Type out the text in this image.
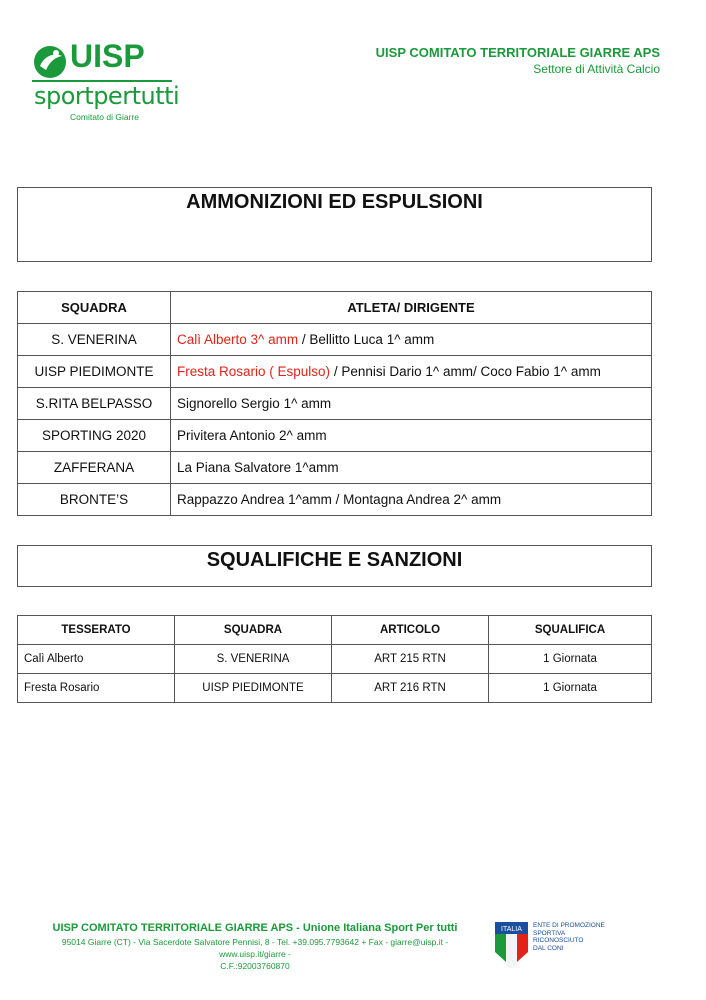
UISP
sportpertutti
Comitato di Giarre
UISP COMITATO TERRITORIALE GIARRE APS
Settore di Attività Calcio
AMMONIZIONI ED ESPULSIONI
SQUADRA	ATLETA/ DIRIGENTE
S. VENERINA	Calì Alberto 3^ amm / Bellitto Luca 1^ amm
UISP PIEDIMONTE	Fresta Rosario ( Espulso) / Pennisi Dario 1^ amm/ Coco Fabio 1^ amm
S.RITA BELPASSO	Signorello Sergio 1^ amm
SPORTING 2020	Privitera Antonio 2^ amm
ZAFFERANA	La Piana Salvatore 1^amm
BRONTE’S	Rappazzo Andrea 1^amm / Montagna Andrea 2^ amm
SQUALIFICHE E SANZIONI
TESSERATO	SQUADRA	ARTICOLO	SQUALIFICA
Calì Alberto	S. VENERINA	ART 215 RTN	1 Giornata
Fresta Rosario	UISP PIEDIMONTE	ART 216 RTN	1 Giornata
UISP COMITATO TERRITORIALE GIARRE APS - Unione Italiana Sport Per tutti
95014 Giarre (CT) - Via Sacerdote Salvatore Pennisi, 8 - Tel. +39.095.7793642 + Fax - giarre@uisp.it - www.uisp.it/giarre -
C.F.:92003760870
ITALIA
ENTE DI PROMOZIONE
SPORTIVA
RICONOSCIUTO
DAL CONI
